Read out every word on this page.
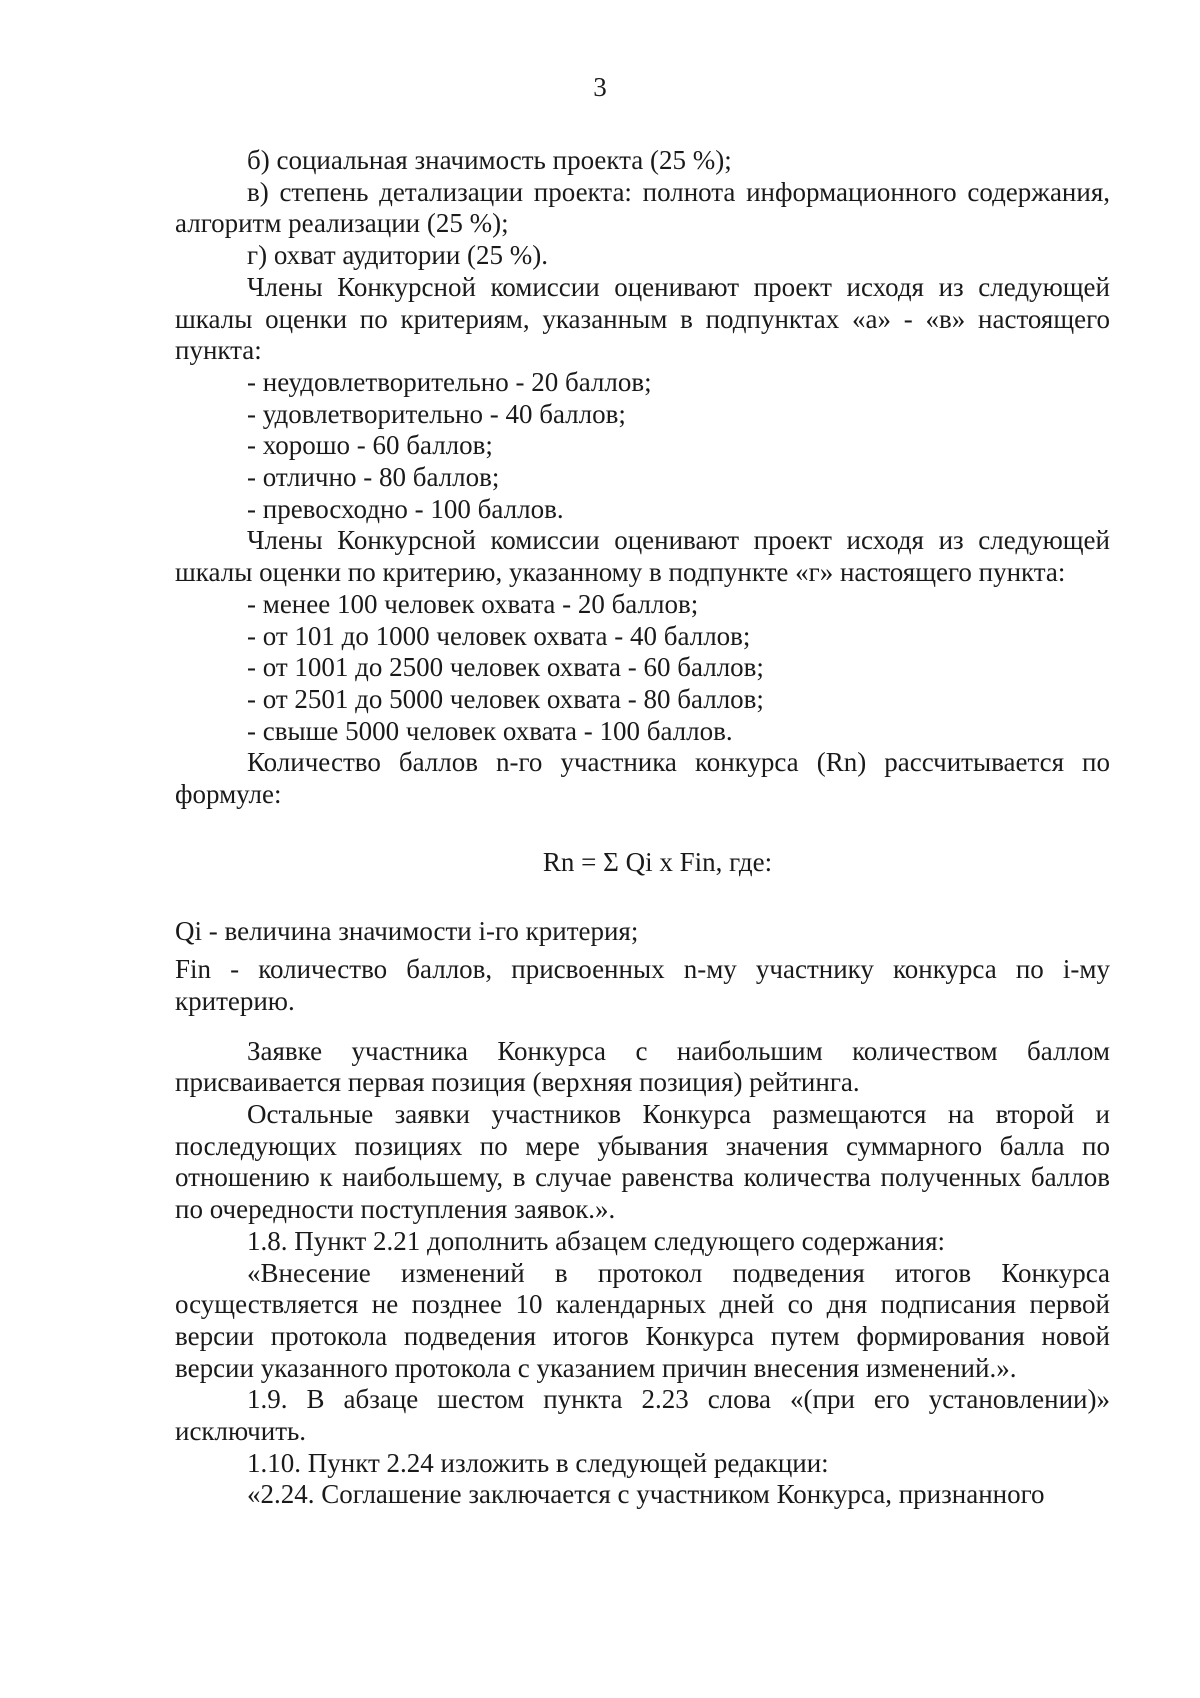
3

б) социальная значимость проекта (25 %);

в) степень детализации проекта: полнота информационного содержания, алгоритм реализации (25 %);

г) охват аудитории (25 %).

Члены Конкурсной комиссии оценивают проект исходя из следующей шкалы оценки по критериям, указанным в подпунктах «а» - «в» настоящего пункта:

- неудовлетворительно - 20 баллов;

- удовлетворительно - 40 баллов;

- хорошо - 60 баллов;

- отлично - 80 баллов;

- превосходно - 100 баллов.

Члены Конкурсной комиссии оценивают проект исходя из следующей шкалы оценки по критерию, указанному в подпункте «г» настоящего пункта:

- менее 100 человек охвата - 20 баллов;

- от 101 до 1000 человек охвата - 40 баллов;

- от 1001 до 2500 человек охвата - 60 баллов;

- от 2501 до 5000 человек охвата - 80 баллов;

- свыше 5000 человек охвата - 100 баллов.

Количество баллов n-го участника конкурса (Rn) рассчитывается по формуле:

Rn = Σ Qi x Fin, где:

Qi - величина значимости i-го критерия;

Fin - количество баллов, присвоенных n-му участнику конкурса по i-му критерию.

Заявке участника Конкурса с наибольшим количеством баллом присваивается первая позиция (верхняя позиция) рейтинга.

Остальные заявки участников Конкурса размещаются на второй и последующих позициях по мере убывания значения суммарного балла по отношению к наибольшему, в случае равенства количества полученных баллов по очередности поступления заявок.».

1.8. Пункт 2.21 дополнить абзацем следующего содержания:

«Внесение изменений в протокол подведения итогов Конкурса осуществляется не позднее 10 календарных дней со дня подписания первой версии протокола подведения итогов Конкурса путем формирования новой версии указанного протокола с указанием причин внесения изменений.».

1.9. В абзаце шестом пункта 2.23 слова «(при его установлении)» исключить.

1.10. Пункт 2.24 изложить в следующей редакции:

«2.24. Соглашение заключается с участником Конкурса, признанного
